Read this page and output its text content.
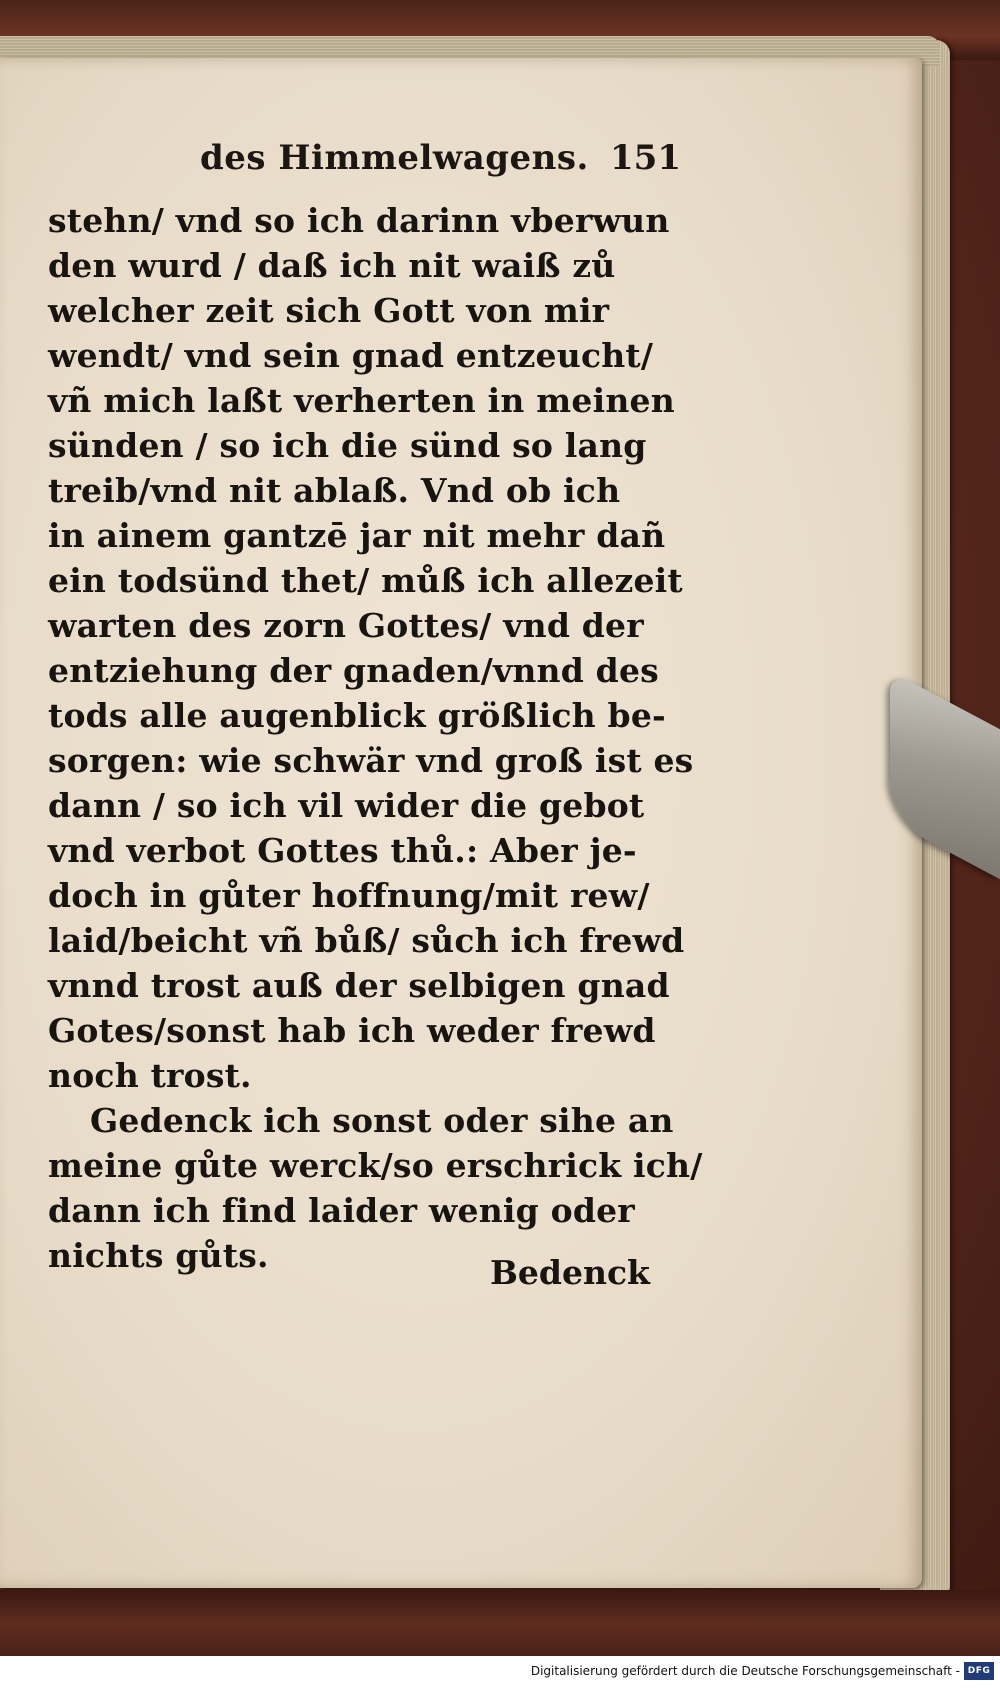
des Himmelwagens. 151
stehn/ vnd so ich darinn vberwun
den wurd / daß ich nit waiß zů
welcher zeit sich Gott von mir
wendt/ vnd sein gnad entzeucht/
vñ mich laßt verherten in meinen
sünden / so ich die sünd so lang
treib/vnd nit ablaß. Vnd ob ich
in ainem gantzē jar nit mehr dañ
ein todsünd thet/ můß ich allezeit
warten des zorn Gottes/ vnd der
entziehung der gnaden/vnnd des
tods alle augenblick größlich be-
sorgen: wie schwär vnd groß ist es
dann / so ich vil wider die gebot
vnd verbot Gottes thů.: Aber je-
doch in gůter hoffnung/mit rew/
laid/beicht vñ bůß/ sůch ich frewd
vnnd trost auß der selbigen gnad
Gotes/sonst hab ich weder frewd
noch trost.
Gedenck ich sonst oder sihe an
meine gůte werck/so erschrick ich/
dann ich find laider wenig oder
nichts gůts.	Bedenck
Digitalisierung gefördert durch die Deutsche Forschungsgemeinschaft - DFG
